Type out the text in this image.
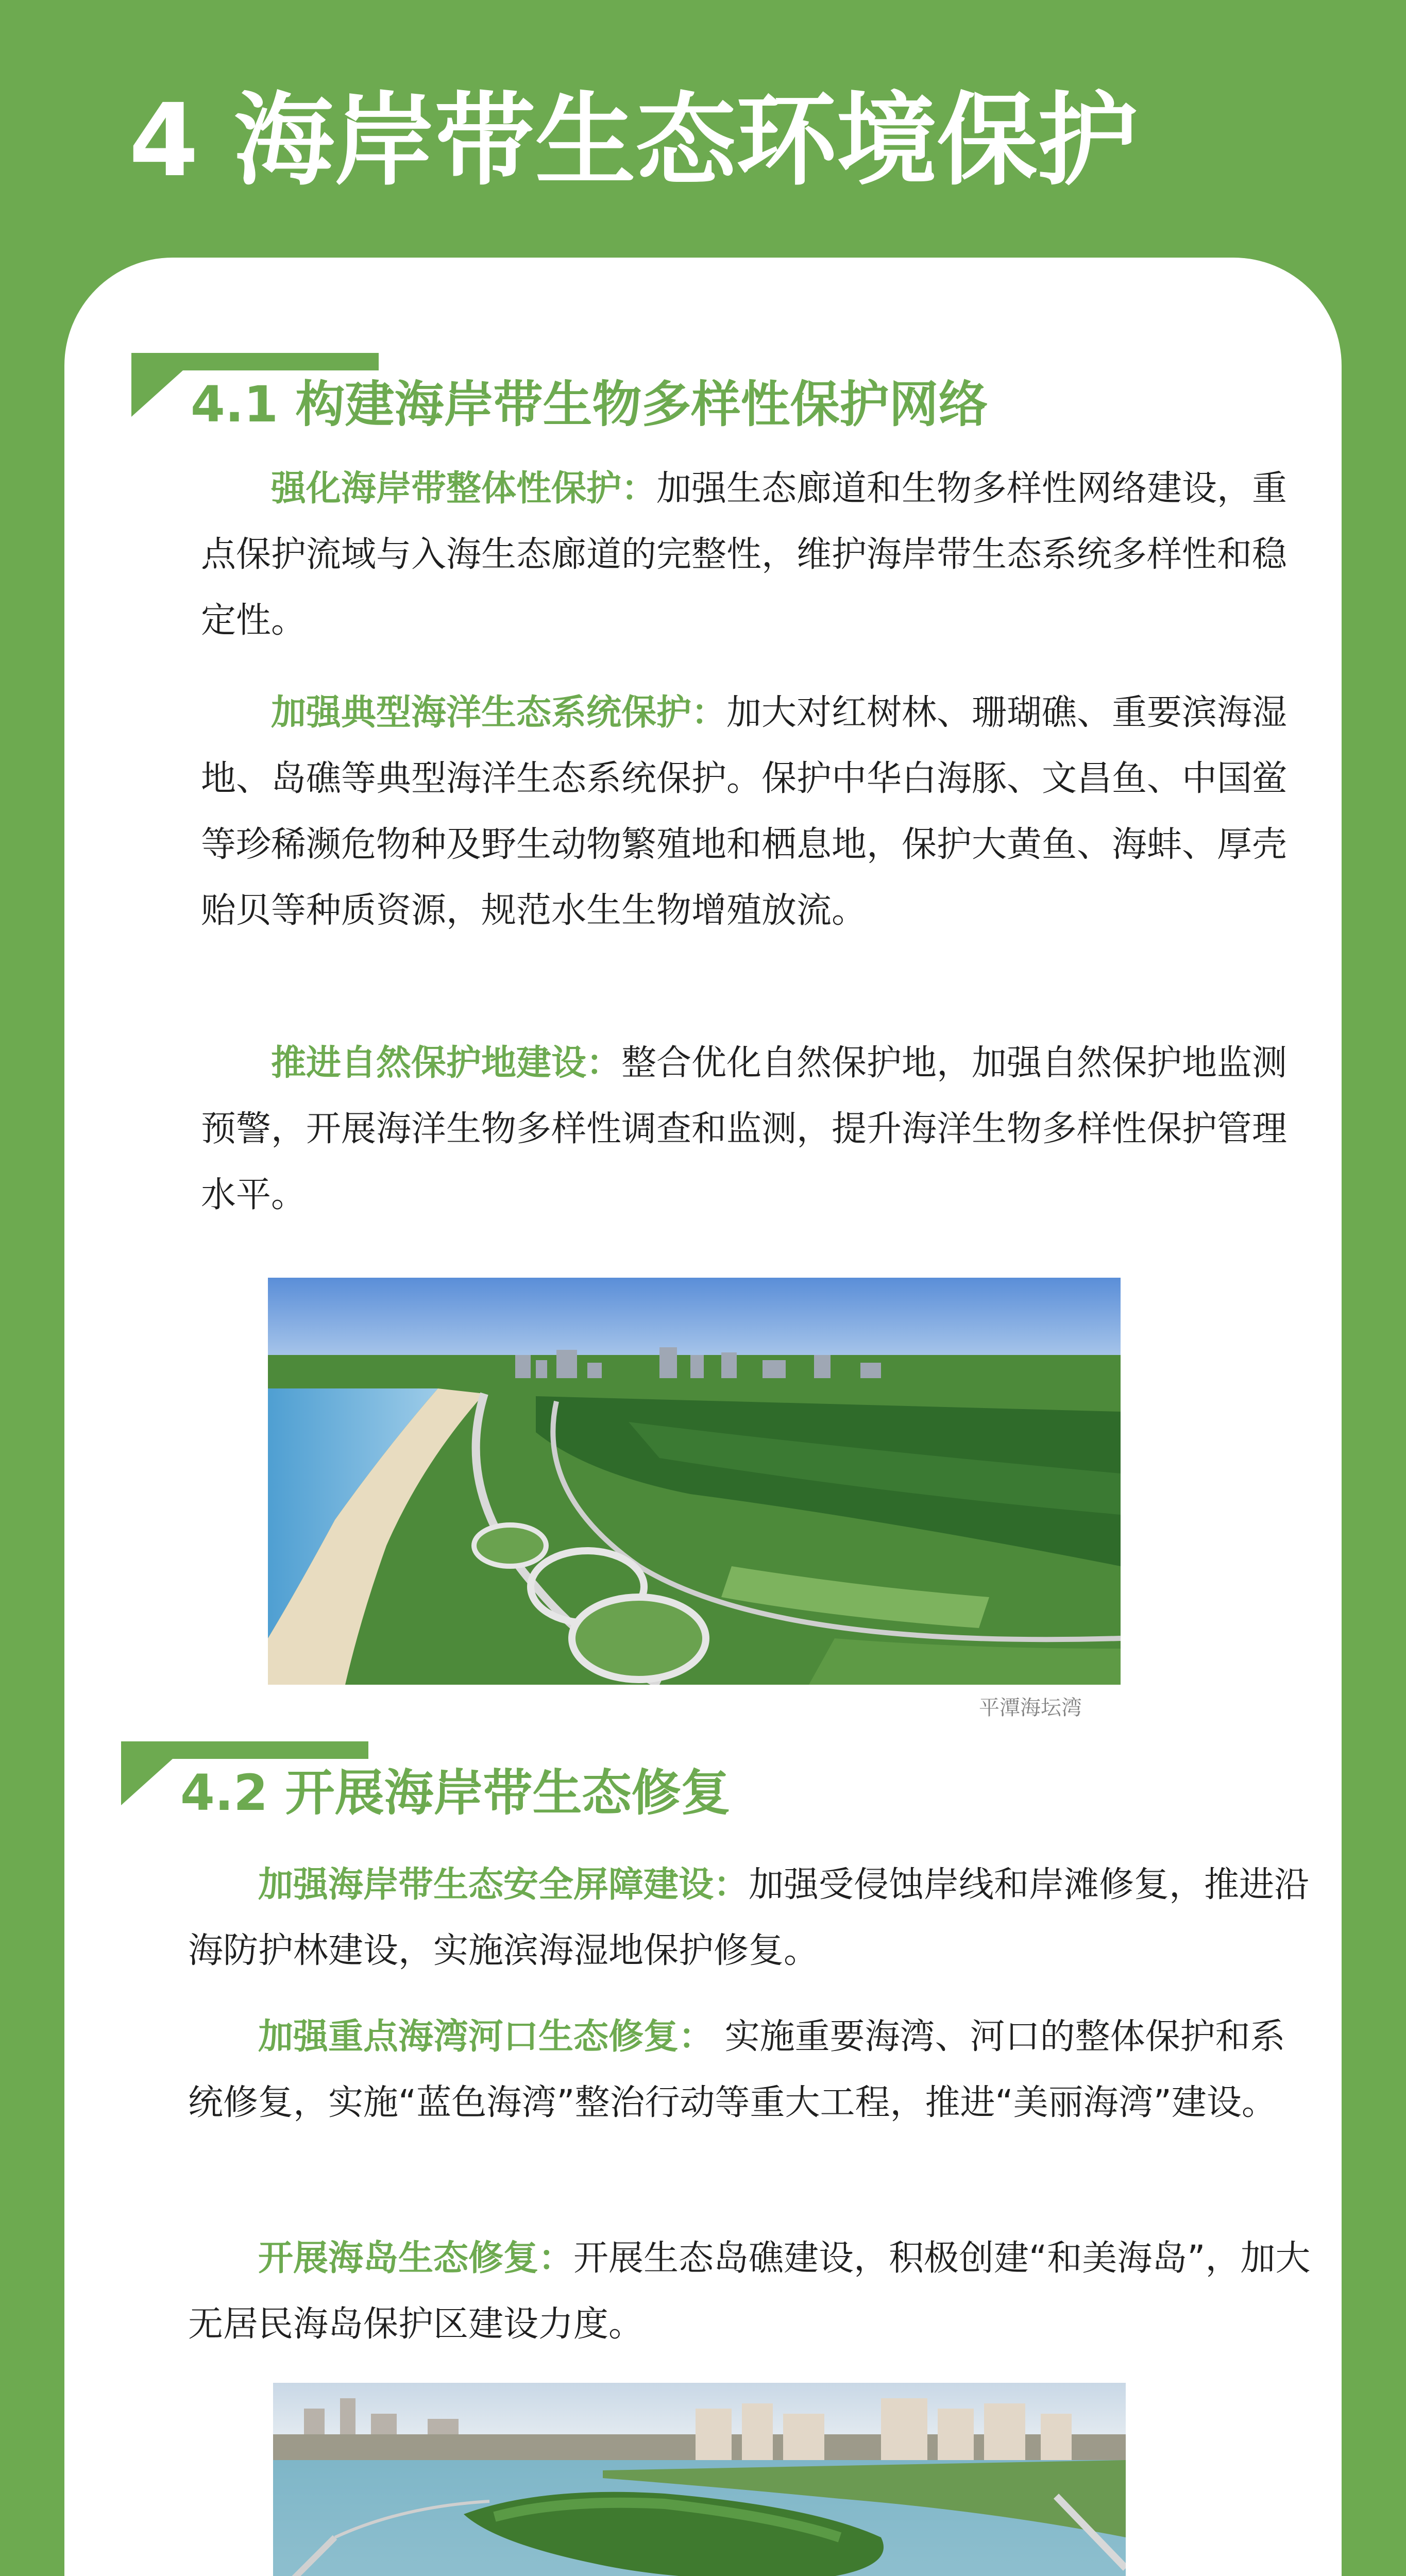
4 海岸带生态环境保护
4.1 构建海岸带生物多样性保护网络

强化海岸带整体性保护：加强生态廊道和生物多样性网络建设，重点保护流域与入海生态廊道的完整性，维护海岸带生态系统多样性和稳定性。

加强典型海洋生态系统保护：加大对红树林、珊瑚礁、重要滨海湿地、岛礁等典型海洋生态系统保护。保护中华白海豚、文昌鱼、中国鲎等珍稀濒危物种及野生动物繁殖地和栖息地，保护大黄鱼、海蚌、厚壳贻贝等种质资源，规范水生生物增殖放流。

推进自然保护地建设：整合优化自然保护地，加强自然保护地监测预警，开展海洋生物多样性调查和监测，提升海洋生物多样性保护管理水平。

平潭海坛湾

4.2 开展海岸带生态修复

加强海岸带生态安全屏障建设：加强受侵蚀岸线和岸滩修复，推进沿海防护林建设，实施滨海湿地保护修复。

加强重点海湾河口生态修复： 实施重要海湾、河口的整体保护和系统修复，实施“蓝色海湾”整治行动等重大工程，推进“美丽海湾”建设。

开展海岛生态修复：开展生态岛礁建设，积极创建“和美海岛”，加大无居民海岛保护区建设力度。
